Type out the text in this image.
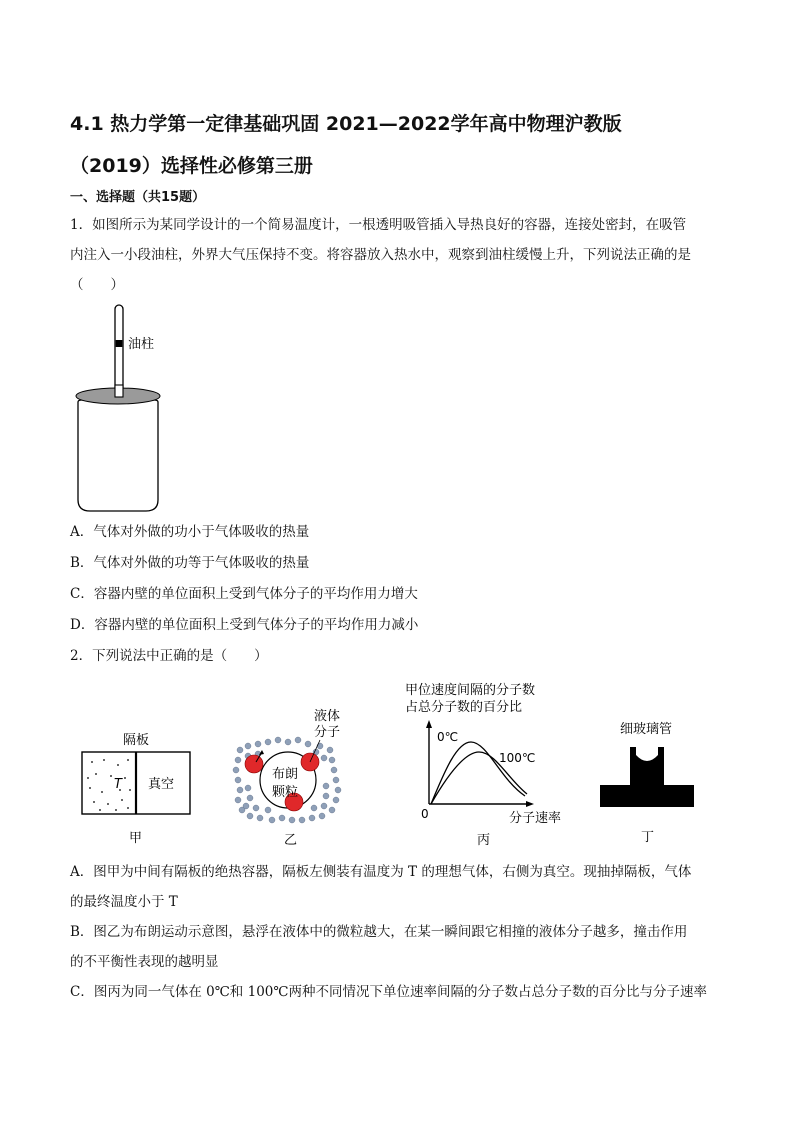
4.1 热力学第一定律基础巩固 2021—2022学年高中物理沪教版
（2019）选择性必修第三册
一、选择题（共15题）
1．如图所示为某同学设计的一个简易温度计，一根透明吸管插入导热良好的容器，连接处密封，在吸管
内注入一小段油柱，外界大气压保持不变。将容器放入热水中，观察到油柱缓慢上升，下列说法正确的是
（　　）
油柱
A．气体对外做的功小于气体吸收的热量
B．气体对外做的功等于气体吸收的热量
C．容器内壁的单位面积上受到气体分子的平均作用力增大
D．容器内壁的单位面积上受到气体分子的平均作用力减小
2．下列说法中正确的是（　　）
隔板
T 真空
甲
液体
分子
布朗
颗粒
乙
甲位速度间隔的分子数
占总分子数的百分比
0℃
100℃
0	分子速率
丙
细玻璃管
丁
A．图甲为中间有隔板的绝热容器，隔板左侧装有温度为 T 的理想气体，右侧为真空。现抽掉隔板，气体
的最终温度小于 T
B．图乙为布朗运动示意图，悬浮在液体中的微粒越大，在某一瞬间跟它相撞的液体分子越多，撞击作用
的不平衡性表现的越明显
C．图丙为同一气体在 0℃和 100℃两种不同情况下单位速率间隔的分子数占总分子数的百分比与分子速率
